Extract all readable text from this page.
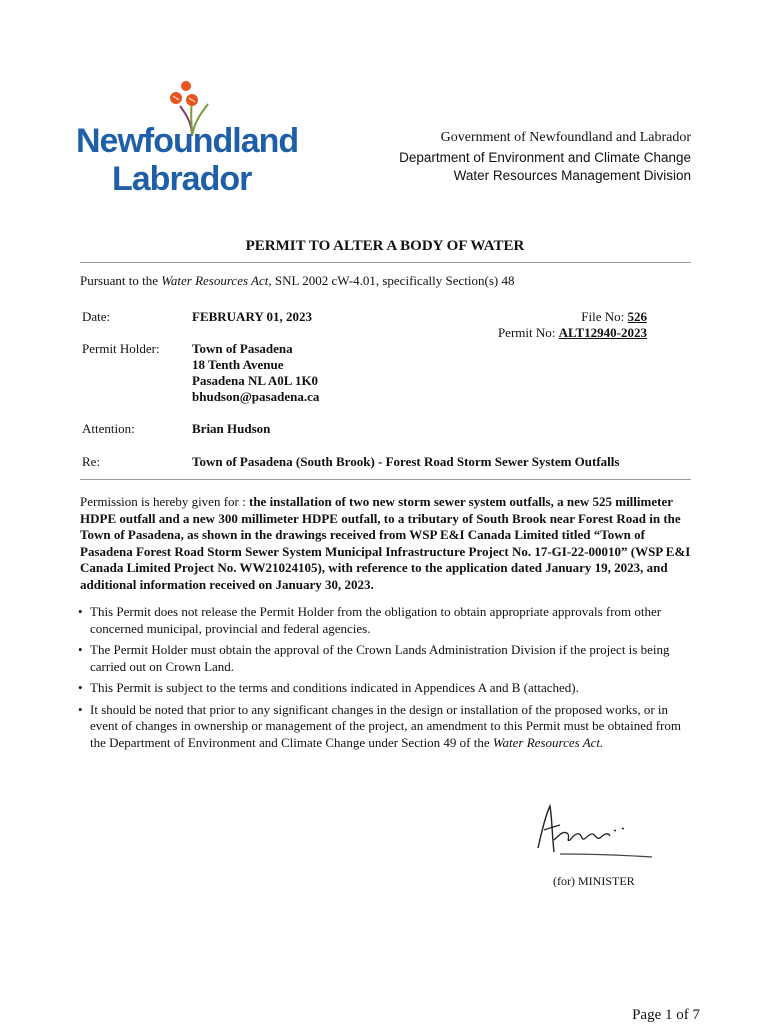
Newfoundland
Labrador
Government of Newfoundland and Labrador
Department of Environment and Climate Change
Water Resources Management Division
PERMIT TO ALTER A BODY OF WATER
Pursuant to the Water Resources Act, SNL 2002 cW-4.01, specifically Section(s) 48
Date:	FEBRUARY 01, 2023	File No: 526
Permit No: ALT12940-2023
Permit Holder: Town of Pasadena
18 Tenth Avenue
Pasadena NL A0L 1K0
bhudson@pasadena.ca
Attention:	Brian Hudson
Re:	Town of Pasadena (South Brook) - Forest Road Storm Sewer System Outfalls
Permission is hereby given for : the installation of two new storm sewer system outfalls, a new 525 millimeter HDPE outfall and a new 300 millimeter HDPE outfall, to a tributary of South Brook near Forest Road in the Town of Pasadena, as shown in the drawings received from WSP E&I Canada Limited titled “Town of Pasadena Forest Road Storm Sewer System Municipal Infrastructure Project No. 17-GI-22-00010” (WSP E&I Canada Limited Project No. WW21024105), with reference to the application dated January 19, 2023, and additional information received on January 30, 2023.
• This Permit does not release the Permit Holder from the obligation to obtain appropriate approvals from other concerned municipal, provincial and federal agencies.
• The Permit Holder must obtain the approval of the Crown Lands Administration Division if the project is being carried out on Crown Land.
• This Permit is subject to the terms and conditions indicated in Appendices A and B (attached).
• It should be noted that prior to any significant changes in the design or installation of the proposed works, or in event of changes in ownership or management of the project, an amendment to this Permit must be obtained from the Department of Environment and Climate Change under Section 49 of the Water Resources Act.
(for) MINISTER
Page 1 of 7
